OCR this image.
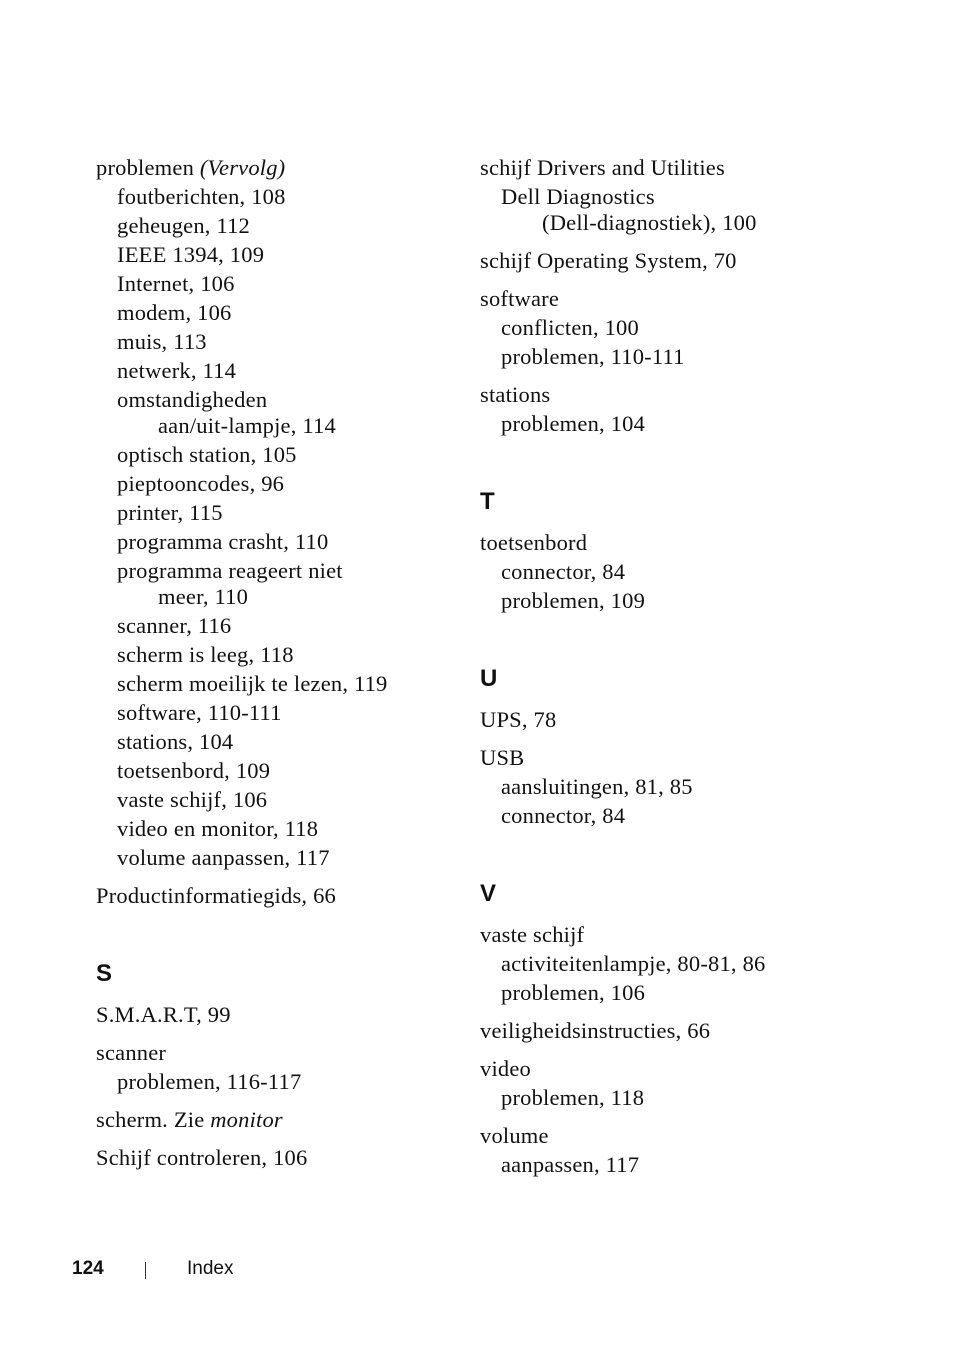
problemen (Vervolg)
foutberichten, 108
geheugen, 112
IEEE 1394, 109
Internet, 106
modem, 106
muis, 113
netwerk, 114
omstandigheden
aan/uit-lampje, 114
optisch station, 105
pieptooncodes, 96
printer, 115
programma crasht, 110
programma reageert niet
meer, 110
scanner, 116
scherm is leeg, 118
scherm moeilijk te lezen, 119
software, 110-111
stations, 104
toetsenbord, 109
vaste schijf, 106
video en monitor, 118
volume aanpassen, 117
Productinformatiegids, 66
S
S.M.A.R.T, 99
scanner
problemen, 116-117
scherm. Zie monitor
Schijf controleren, 106
schijf Drivers and Utilities
Dell Diagnostics
(Dell-diagnostiek), 100
schijf Operating System, 70
software
conflicten, 100
problemen, 110-111
stations
problemen, 104
T
toetsenbord
connector, 84
problemen, 109
U
UPS, 78
USB
aansluitingen, 81, 85
connector, 84
V
vaste schijf
activiteitenlampje, 80-81, 86
problemen, 106
veiligheidsinstructies, 66
video
problemen, 118
volume
aanpassen, 117
124	Index
